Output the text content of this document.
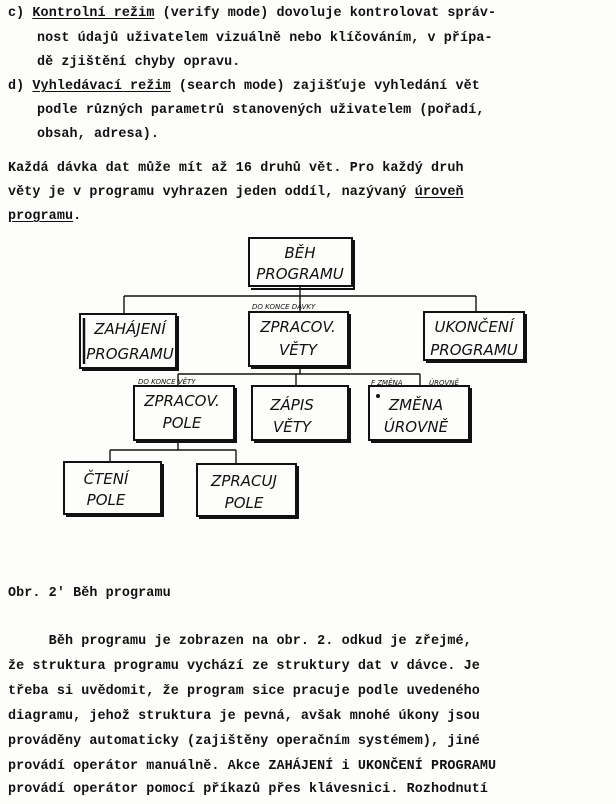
c) Kontrolní režim (verify mode) dovoluje kontrolovat správ-
nost údajů uživatelem vizuálně nebo klíčováním, v přípa-
dě zjištění chyby opravu.
d) Vyhledávací režim (search mode) zajišťuje vyhledání vět
podle různých parametrů stanovených uživatelem (pořadí,
obsah, adresa).
Každá dávka dat může mít až 16 druhů vět. Pro každý druh
věty je v programu vyhrazen jeden oddíl, nazývaný úroveň
programu.
BĚH
PROGRAMU
ZAHÁJENÍ
PROGRAMU
ZPRACOV.
VĚTY
DO KONCE DÁVKY
UKONČENÍ
PROGRAMU
DO KONCE VĚTY
ZPRACOV.
POLE
ZÁPIS
VĚTY
F ZMĚNA	ÚROVNĚ
ZMĚNA
ÚROVNĚ
ČTENÍ
POLE
ZPRACUJ
POLE
Obr. 2' Běh programu
Běh programu je zobrazen na obr. 2. odkud je zřejmé,
že struktura programu vychází ze struktury dat v dávce. Je
třeba si uvědomit, že program sice pracuje podle uvedeného
diagramu, jehož struktura je pevná, avšak mnohé úkony jsou
prováděny automaticky (zajištěny operačním systémem), jiné
provádí operátor manuálně. Akce ZAHÁJENÍ i UKONČENÍ PROGRAMU
provádí operátor pomocí příkazů přes klávesnici. Rozhodnutí
